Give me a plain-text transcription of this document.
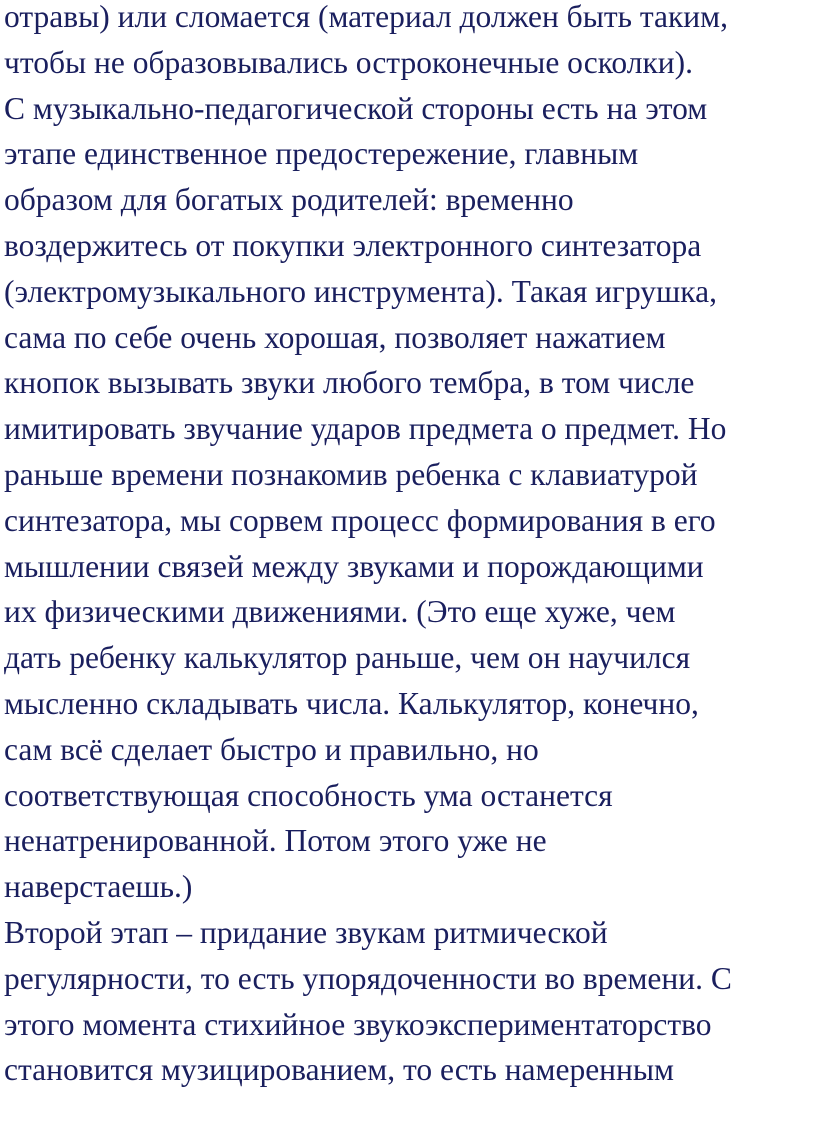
отравы) или сломается (материал должен быть таким,
чтобы не образовывались остроконечные осколки).
С музыкально-педагогической стороны есть на этом
этапе единственное предостережение, главным
образом для богатых родителей: временно
воздержитесь от покупки электронного синтезатора
(электромузыкального инструмента). Такая игрушка,
сама по себе очень хорошая, позволяет нажатием
кнопок вызывать звуки любого тембра, в том числе
имитировать звучание ударов предмета о предмет. Но
раньше времени познакомив ребенка с клавиатурой
синтезатора, мы сорвем процесс формирования в его
мышлении связей между звуками и порождающими
их физическими движениями. (Это еще хуже, чем
дать ребенку калькулятор раньше, чем он научился
мысленно складывать числа. Калькулятор, конечно,
сам всё сделает быстро и правильно, но
соответствующая способность ума останется
ненатренированной. Потом этого уже не
наверстаешь.)
Второй этап – придание звукам ритмической
регулярности, то есть упорядоченности во времени. С
этого момента стихийное звукоэкспериментаторство
становится музицированием, то есть намеренным
